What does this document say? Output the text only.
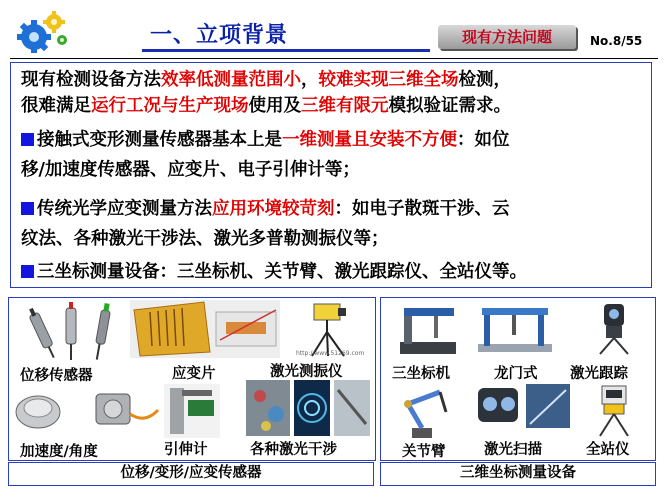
一、立项背景	现有方法问题	No.8/55
现有检测设备方法效率低测量范围小，较难实现三维全场检测，
很难满足运行工况与生产现场使用及三维有限元模拟验证需求。
接触式变形测量传感器基本上是一维测量且安装不方便：如位
移/加速度传感器、应变片、电子引伸计等；
传统光学应变测量方法应用环境较苛刻：如电子散斑干涉、云
纹法、各种激光干涉法、激光多普勒测振仪等；
三坐标测量设备：三坐标机、关节臂、激光跟踪仪、全站仪等。
位移传感器	应变片
http://www.51269.com
激光测振仪
加速度/角度	引伸计	各种激光干涉
位移/变形/应变传感器
三坐标机	龙门式 激光跟踪
关节臂	激光扫描	全站仪
三维坐标测量设备
